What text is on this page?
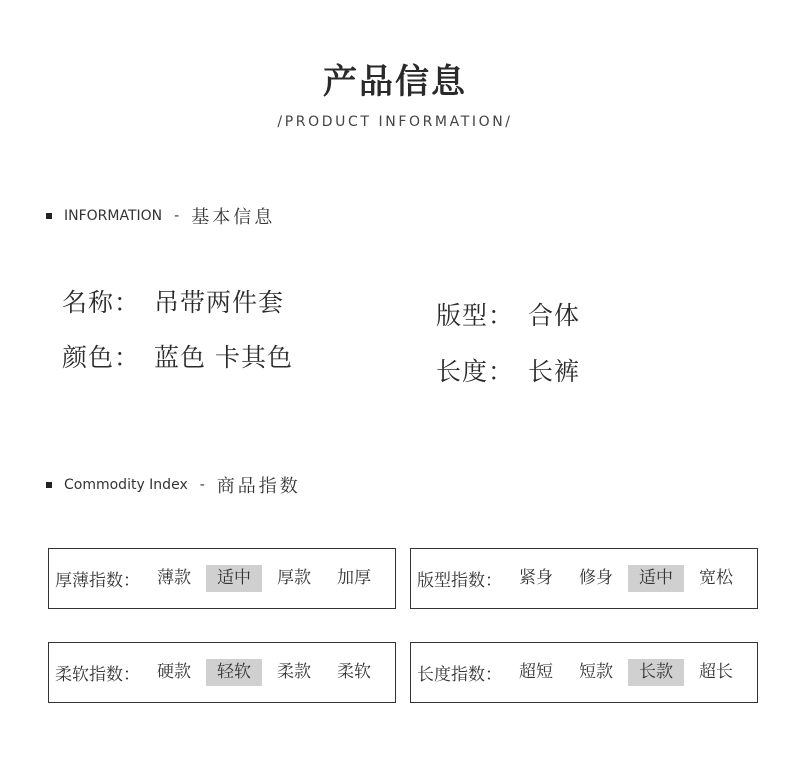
产品信息
/PRODUCT INFORMATION/
INFORMATION - 基本信息
名称： 吊带两件套
颜色： 蓝色 卡其色
版型： 合体
长度： 长裤
Commodity Index - 商品指数
厚薄指数：	薄款	适中	厚款	加厚	版型指数：	紧身	修身	适中	宽松
柔软指数：	硬款	轻软	柔款	柔软	长度指数：	超短	短款	长款	超长
